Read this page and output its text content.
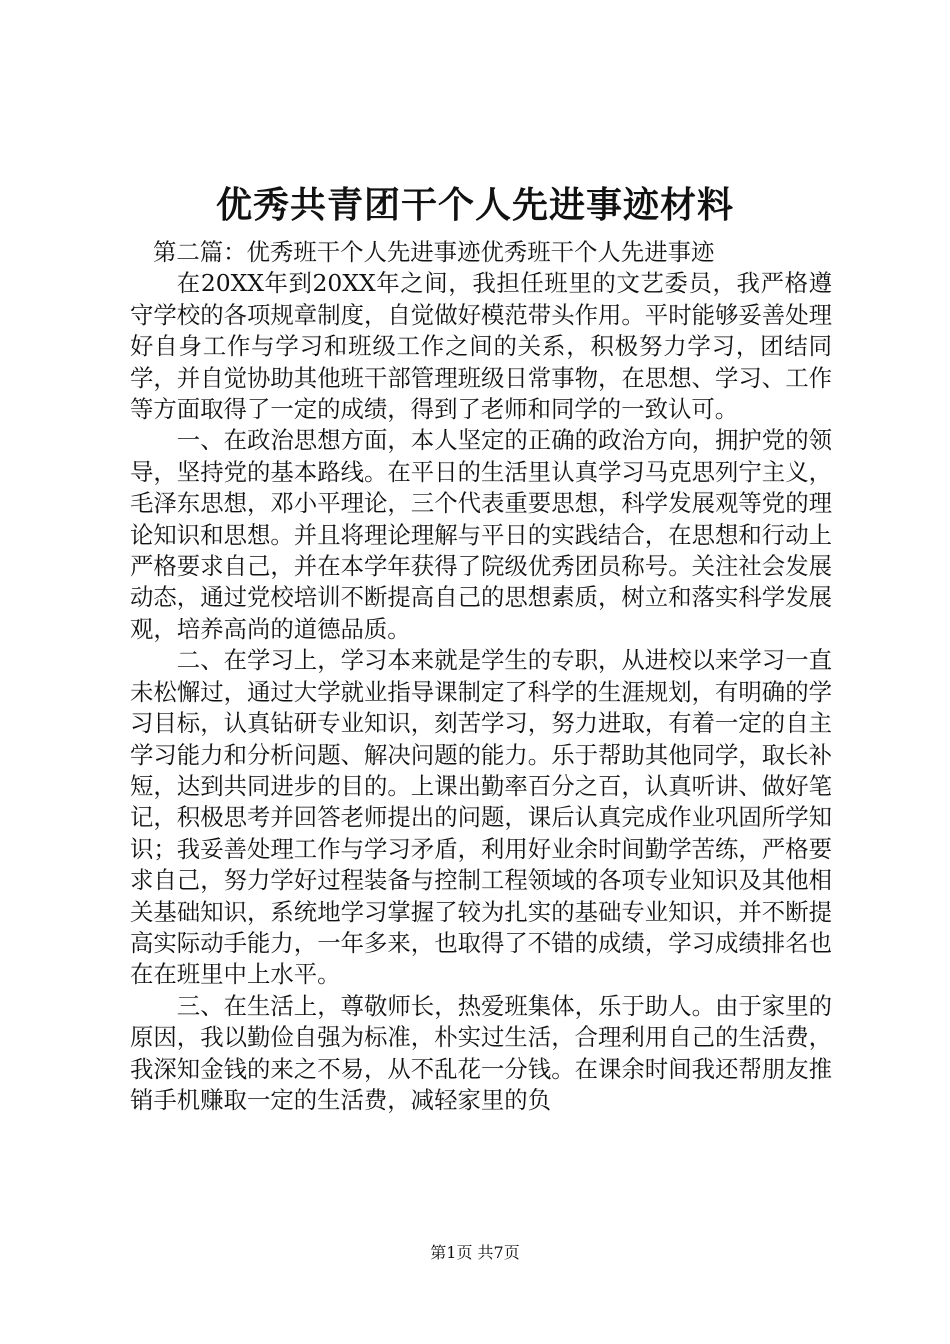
优秀共青团干个人先进事迹材料
第二篇：优秀班干个人先进事迹优秀班干个人先进事迹

在20XX年到20XX年之间，我担任班里的文艺委员，我严格遵守学校的各项规章制度，自觉做好模范带头作用。平时能够妥善处理好自身工作与学习和班级工作之间的关系，积极努力学习，团结同学，并自觉协助其他班干部管理班级日常事物，在思想、学习、工作等方面取得了一定的成绩，得到了老师和同学的一致认可。

一、在政治思想方面，本人坚定的正确的政治方向，拥护党的领导，坚持党的基本路线。在平日的生活里认真学习马克思列宁主义，毛泽东思想，邓小平理论，三个代表重要思想，科学发展观等党的理论知识和思想。并且将理论理解与平日的实践结合，在思想和行动上严格要求自己，并在本学年获得了院级优秀团员称号。关注社会发展动态，通过党校培训不断提高自己的思想素质，树立和落实科学发展观，培养高尚的道德品质。

二、在学习上，学习本来就是学生的专职，从进校以来学习一直未松懈过，通过大学就业指导课制定了科学的生涯规划，有明确的学习目标，认真钻研专业知识，刻苦学习，努力进取，有着一定的自主学习能力和分析问题、解决问题的能力。乐于帮助其他同学，取长补短，达到共同进步的目的。上课出勤率百分之百，认真听讲、做好笔记，积极思考并回答老师提出的问题，课后认真完成作业巩固所学知识；我妥善处理工作与学习矛盾，利用好业余时间勤学苦练，严格要求自己，努力学好过程装备与控制工程领域的各项专业知识及其他相关基础知识，系统地学习掌握了较为扎实的基础专业知识，并不断提高实际动手能力，一年多来，也取得了不错的成绩，学习成绩排名也在在班里中上水平。

三、在生活上，尊敬师长，热爱班集体，乐于助人。由于家里的原因，我以勤俭自强为标准，朴实过生活，合理利用自己的生活费，我深知金钱的来之不易，从不乱花一分钱。在课余时间我还帮朋友推销手机赚取一定的生活费，减轻家里的负

第1页 共7页
